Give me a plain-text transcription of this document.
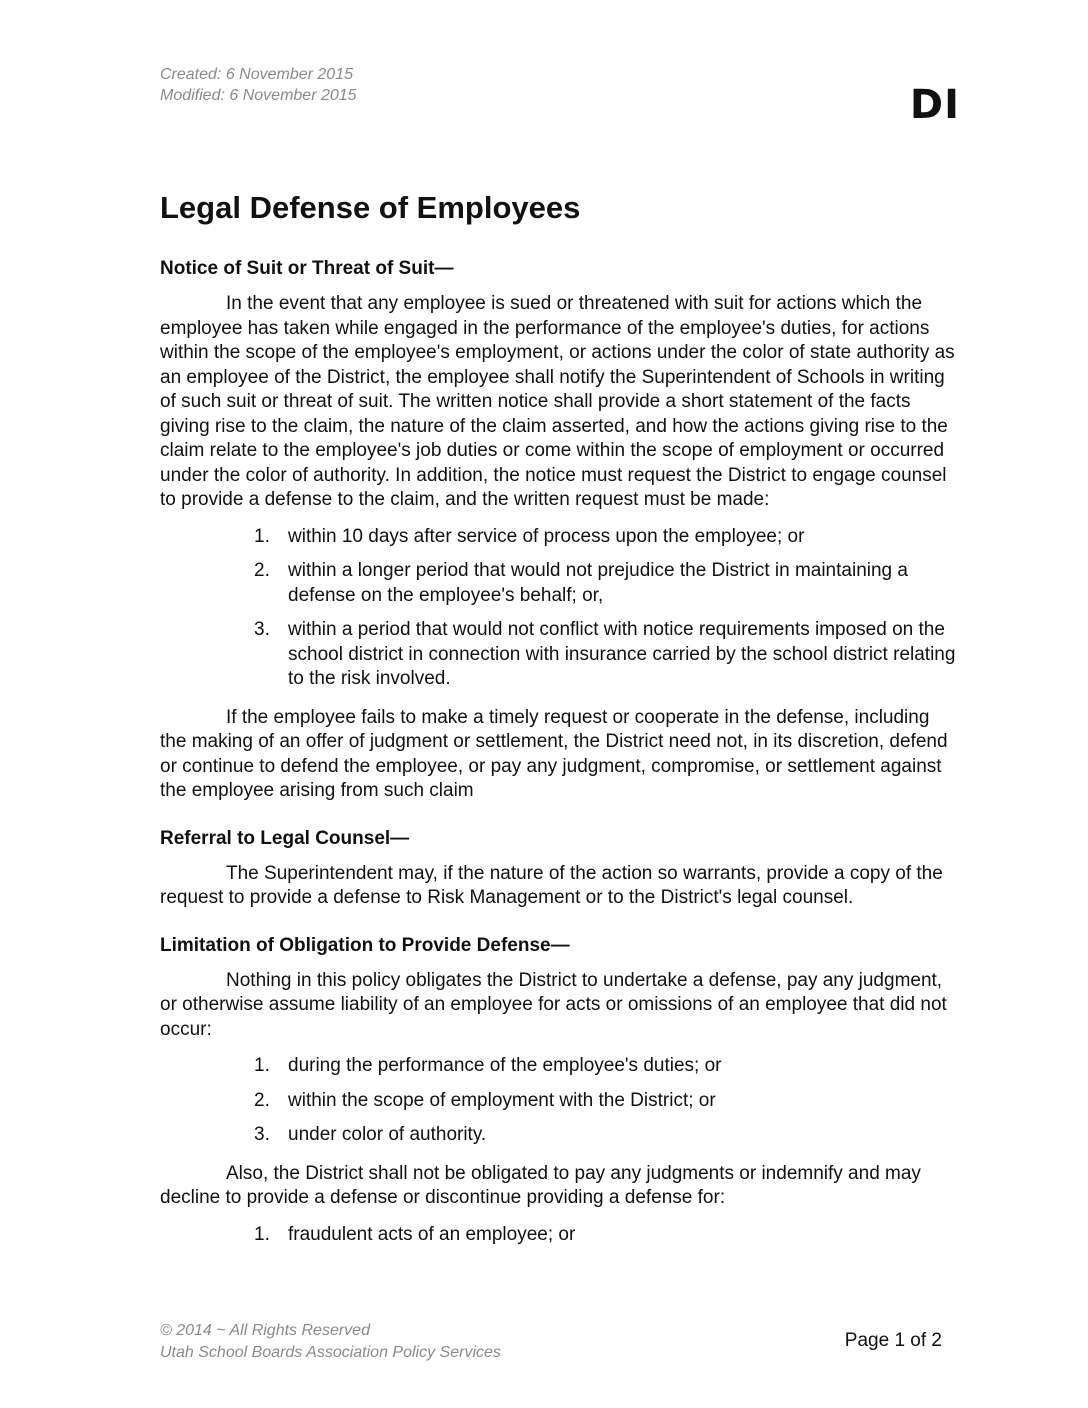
Created: 6 November 2015
Modified: 6 November 2015	DI
Legal Defense of Employees
Notice of Suit or Threat of Suit—

In the event that any employee is sued or threatened with suit for actions which the employee has taken while engaged in the performance of the employee's duties, for actions within the scope of the employee's employment, or actions under the color of state authority as an employee of the District, the employee shall notify the Superintendent of Schools in writing of such suit or threat of suit. The written notice shall provide a short statement of the facts giving rise to the claim, the nature of the claim asserted, and how the actions giving rise to the claim relate to the employee's job duties or come within the scope of employment or occurred under the color of authority. In addition, the notice must request the District to engage counsel to provide a defense to the claim, and the written request must be made:

1. within 10 days after service of process upon the employee; or
2. within a longer period that would not prejudice the District in maintaining a defense on the employee's behalf; or,
3. within a period that would not conflict with notice requirements imposed on the school district in connection with insurance carried by the school district relating to the risk involved.

If the employee fails to make a timely request or cooperate in the defense, including the making of an offer of judgment or settlement, the District need not, in its discretion, defend or continue to defend the employee, or pay any judgment, compromise, or settlement against the employee arising from such claim

Referral to Legal Counsel—

The Superintendent may, if the nature of the action so warrants, provide a copy of the request to provide a defense to Risk Management or to the District's legal counsel.

Limitation of Obligation to Provide Defense—

Nothing in this policy obligates the District to undertake a defense, pay any judgment, or otherwise assume liability of an employee for acts or omissions of an employee that did not occur:

1. during the performance of the employee's duties; or
2. within the scope of employment with the District; or
3. under color of authority.

Also, the District shall not be obligated to pay any judgments or indemnify and may decline to provide a defense or discontinue providing a defense for:

1. fraudulent acts of an employee; or
© 2014 ~ All Rights Reserved
Utah School Boards Association Policy Services
Page 1 of 2
